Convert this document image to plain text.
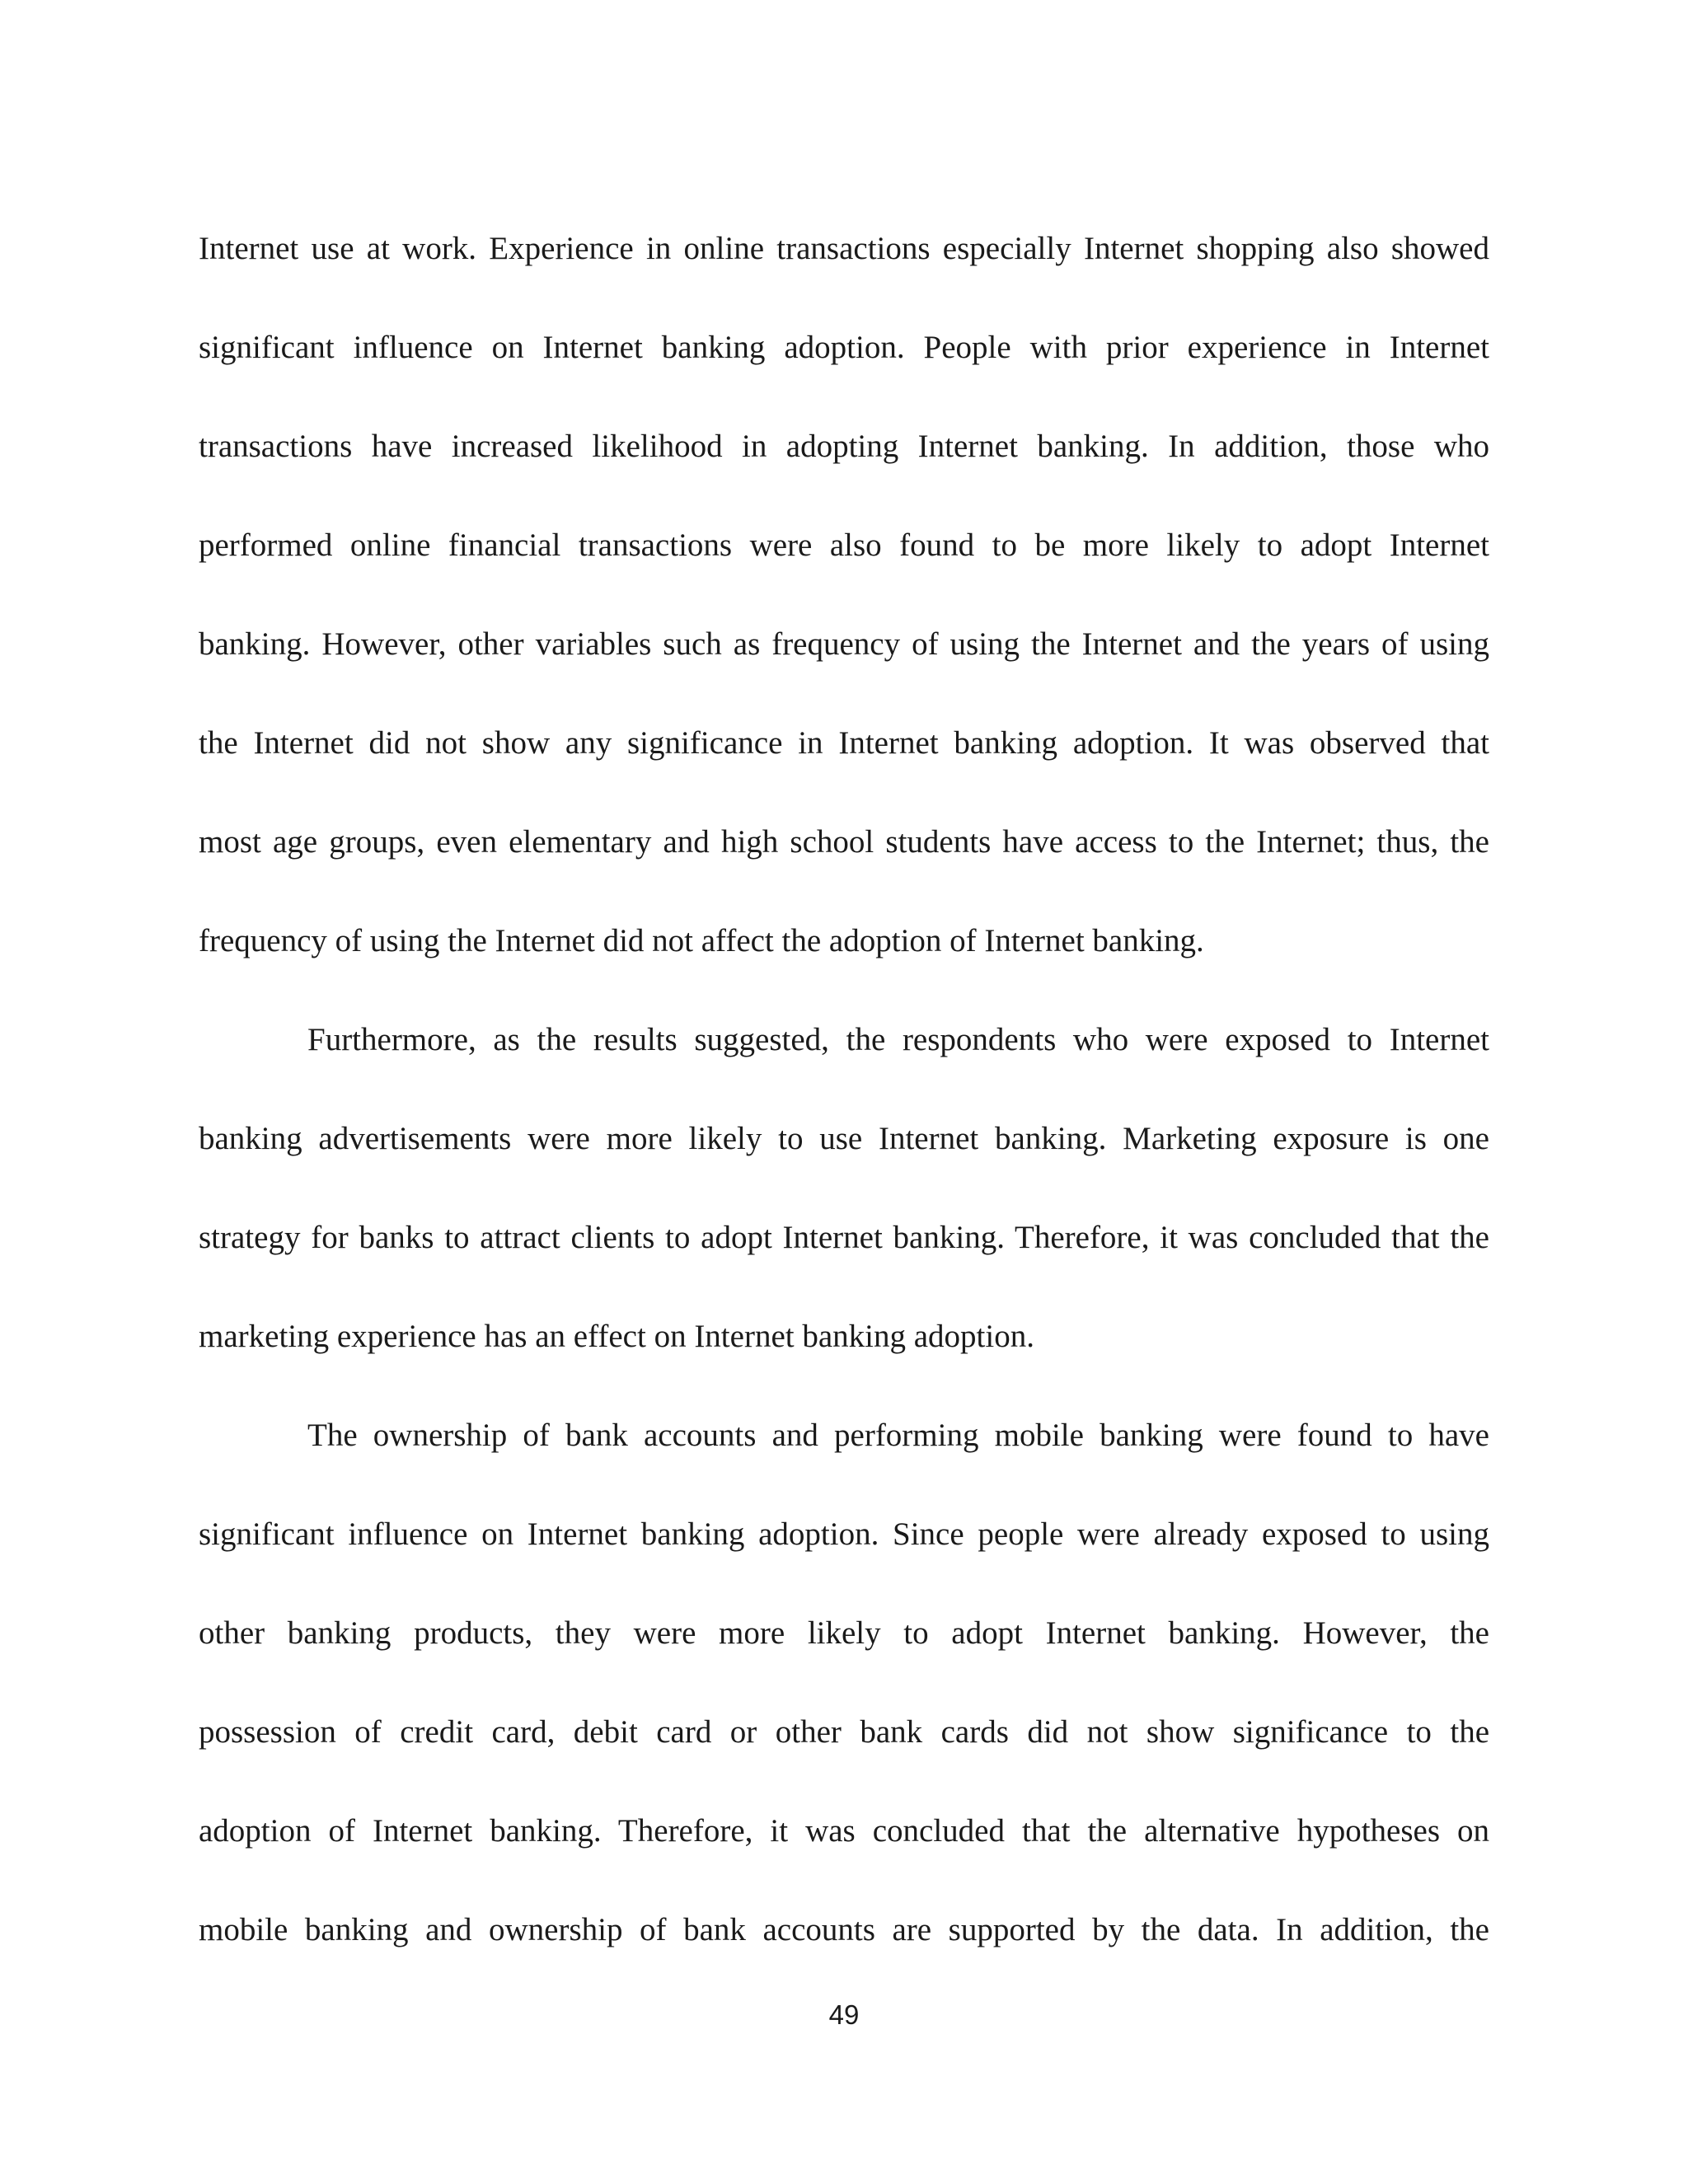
Internet use at work. Experience in online transactions especially Internet shopping also showed
significant influence on Internet banking adoption. People with prior experience in Internet
transactions have increased likelihood in adopting Internet banking. In addition, those who
performed online financial transactions were also found to be more likely to adopt Internet
banking. However, other variables such as frequency of using the Internet and the years of using
the Internet did not show any significance in Internet banking adoption. It was observed that
most age groups, even elementary and high school students have access to the Internet; thus, the
frequency of using the Internet did not affect the adoption of Internet banking.
Furthermore, as the results suggested, the respondents who were exposed to Internet
banking advertisements were more likely to use Internet banking. Marketing exposure is one
strategy for banks to attract clients to adopt Internet banking. Therefore, it was concluded that the
marketing experience has an effect on Internet banking adoption.
The ownership of bank accounts and performing mobile banking were found to have
significant influence on Internet banking adoption. Since people were already exposed to using
other banking products, they were more likely to adopt Internet banking. However, the
possession of credit card, debit card or other bank cards did not show significance to the
adoption of Internet banking. Therefore, it was concluded that the alternative hypotheses on
mobile banking and ownership of bank accounts are supported by the data. In addition, the
49
